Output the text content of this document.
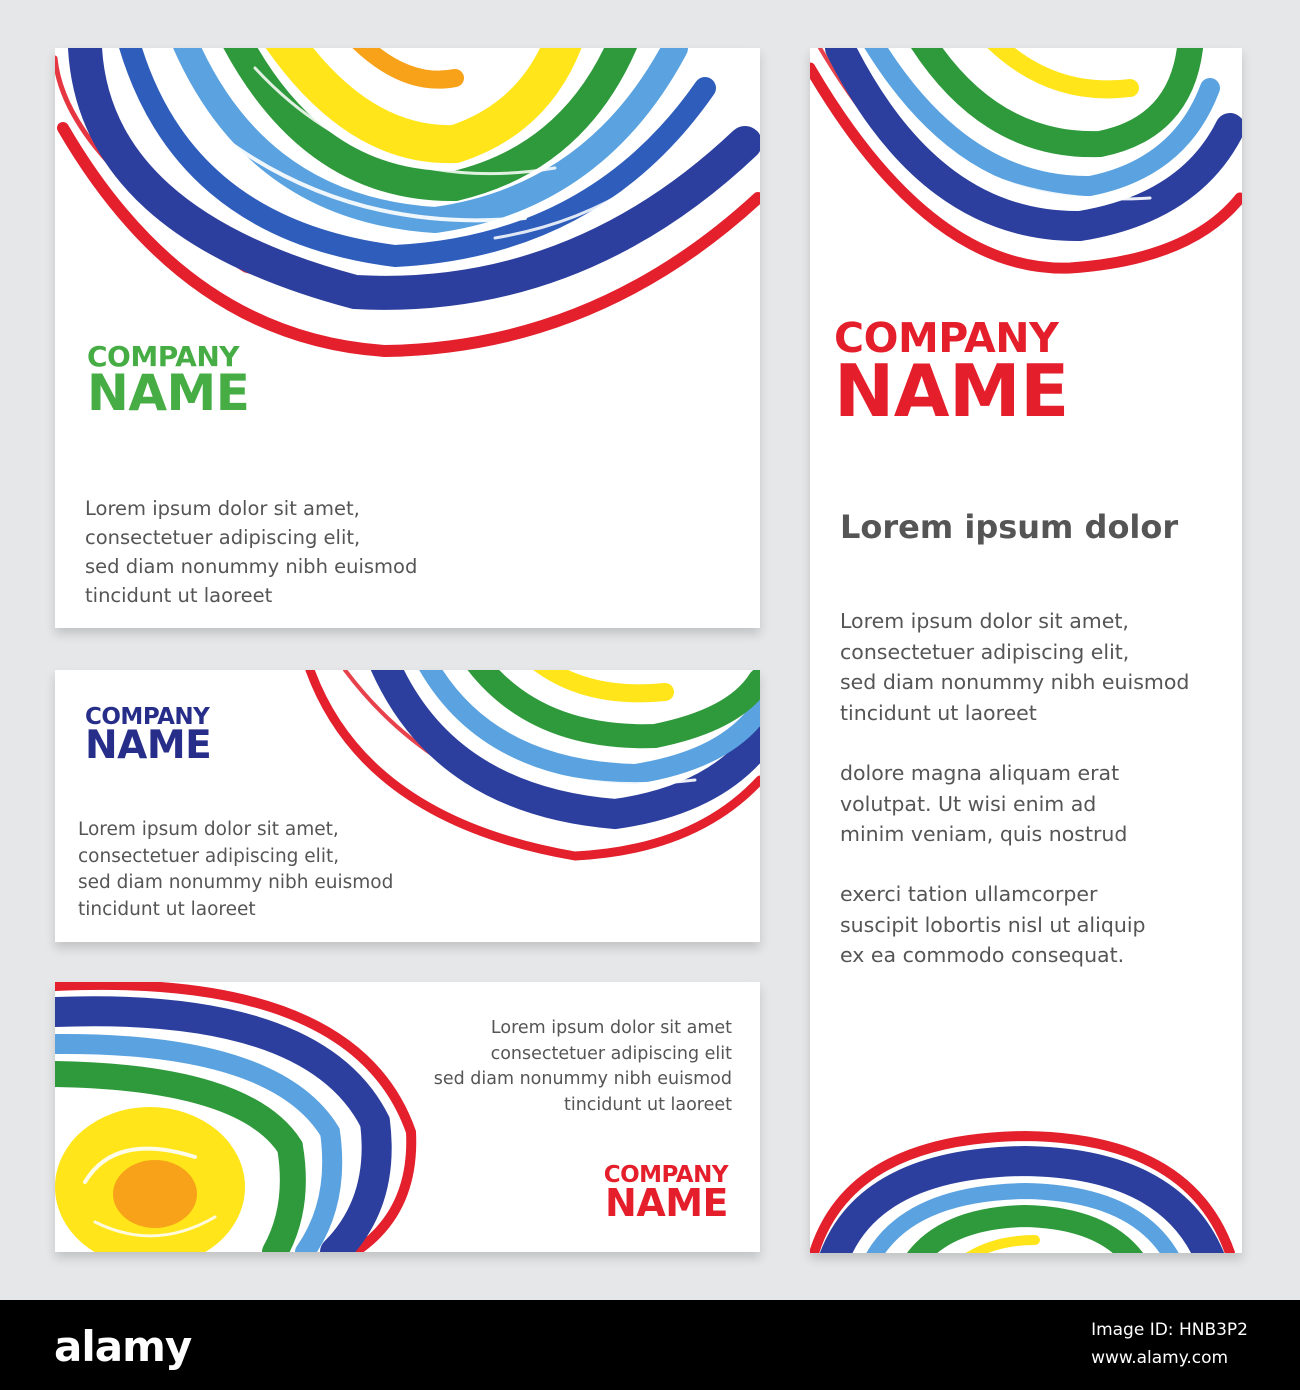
COMPANY
NAME

Lorem ipsum dolor sit amet,
consectetuer adipiscing elit,
sed diam nonummy nibh euismod
tincidunt ut laoreet

COMPANY
NAME

Lorem ipsum dolor sit amet,
consectetuer adipiscing elit,
sed diam nonummy nibh euismod
tincidunt ut laoreet

Lorem ipsum dolor sit amet
consectetuer adipiscing elit
sed diam nonummy nibh euismod
tincidunt ut laoreet

COMPANY
NAME
COMPANY
NAME
Lorem ipsum dolor

Lorem ipsum dolor sit amet,
consectetuer adipiscing elit,
sed diam nonummy nibh euismod
tincidunt ut laoreet

dolore magna aliquam erat
volutpat. Ut wisi enim ad
minim veniam, quis nostrud

exerci tation ullamcorper
suscipit lobortis nisl ut aliquip
ex ea commodo consequat.

alamy	Image ID: HNB3P2
www.alamy.com
